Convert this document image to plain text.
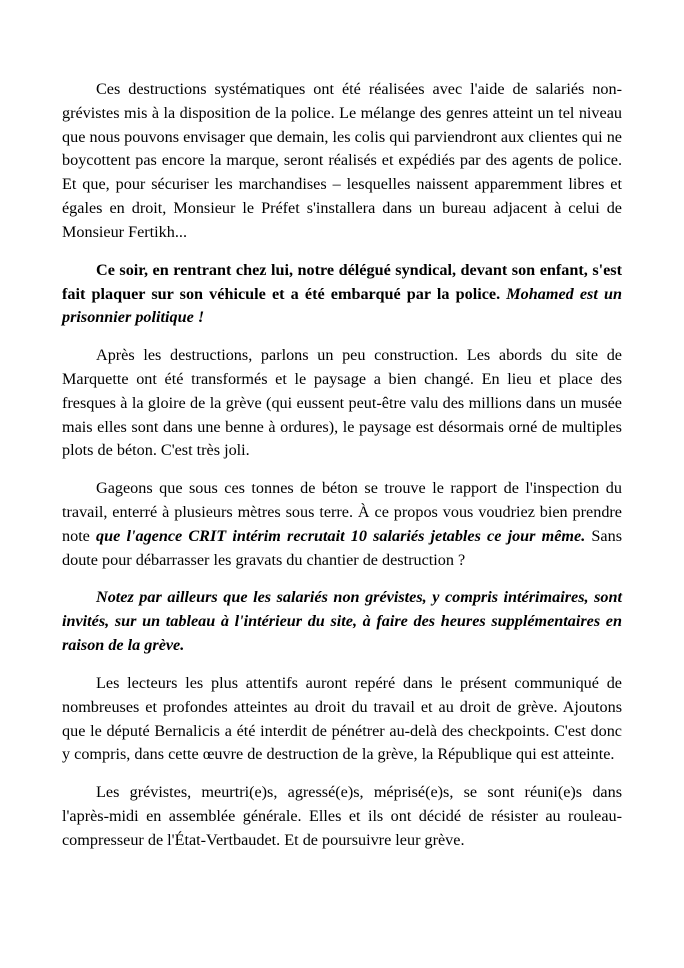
Ces destructions systématiques ont été réalisées avec l'aide de salariés non-grévistes mis à la disposition de la police. Le mélange des genres atteint un tel niveau que nous pouvons envisager que demain, les colis qui parviendront aux clientes qui ne boycottent pas encore la marque, seront réalisés et expédiés par des agents de police. Et que, pour sécuriser les marchandises – lesquelles naissent apparemment libres et égales en droit, Monsieur le Préfet s'installera dans un bureau adjacent à celui de Monsieur Fertikh...

Ce soir, en rentrant chez lui, notre délégué syndical, devant son enfant, s'est fait plaquer sur son véhicule et a été embarqué par la police. Mohamed est un prisonnier politique !

Après les destructions, parlons un peu construction. Les abords du site de Marquette ont été transformés et le paysage a bien changé. En lieu et place des fresques à la gloire de la grève (qui eussent peut-être valu des millions dans un musée mais elles sont dans une benne à ordures), le paysage est désormais orné de multiples plots de béton. C'est très joli.

Gageons que sous ces tonnes de béton se trouve le rapport de l'inspection du travail, enterré à plusieurs mètres sous terre. À ce propos vous voudriez bien prendre note que l'agence CRIT intérim recrutait 10 salariés jetables ce jour même. Sans doute pour débarrasser les gravats du chantier de destruction ?

Notez par ailleurs que les salariés non grévistes, y compris intérimaires, sont invités, sur un tableau à l'intérieur du site, à faire des heures supplémentaires en raison de la grève.

Les lecteurs les plus attentifs auront repéré dans le présent communiqué de nombreuses et profondes atteintes au droit du travail et au droit de grève. Ajoutons que le député Bernalicis a été interdit de pénétrer au-delà des checkpoints. C'est donc y compris, dans cette œuvre de destruction de la grève, la République qui est atteinte.

Les grévistes, meurtri(e)s, agressé(e)s, méprisé(e)s, se sont réuni(e)s dans l'après-midi en assemblée générale. Elles et ils ont décidé de résister au rouleau-compresseur de l'État-Vertbaudet. Et de poursuivre leur grève.
